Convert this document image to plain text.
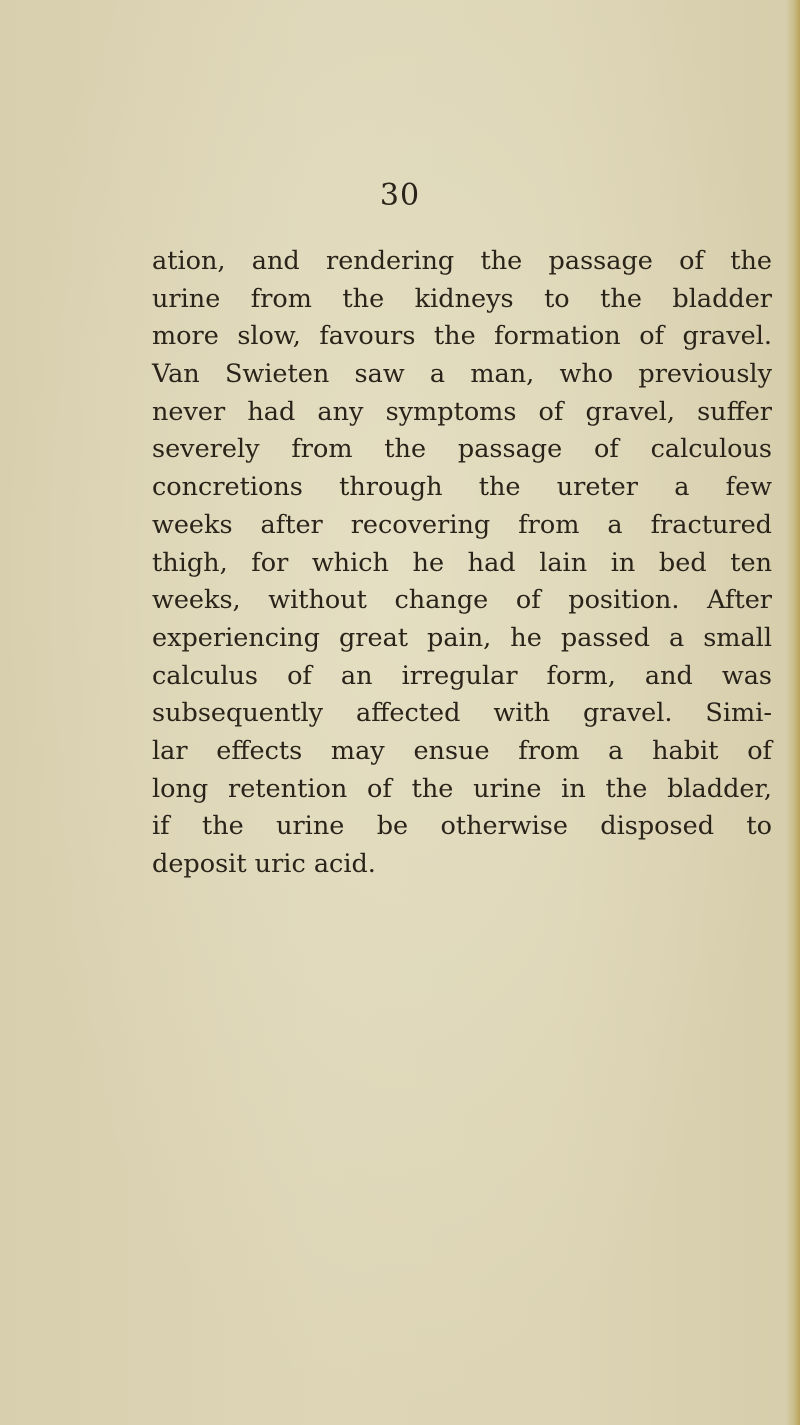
30
ation, and rendering the passage of the
urine from the kidneys to the bladder
more slow, favours the formation of gravel.
Van Swieten saw a man, who previously
never had any symptoms of gravel, suffer
severely from the passage of calculous
concretions through the ureter a few
weeks after recovering from a fractured
thigh, for which he had lain in bed ten
weeks, without change of position. After
experiencing great pain, he passed a small
calculus of an irregular form, and was
subsequently affected with gravel. Simi-
lar effects may ensue from a habit of
long retention of the urine in the bladder,
if the urine be otherwise disposed to
deposit uric acid.
